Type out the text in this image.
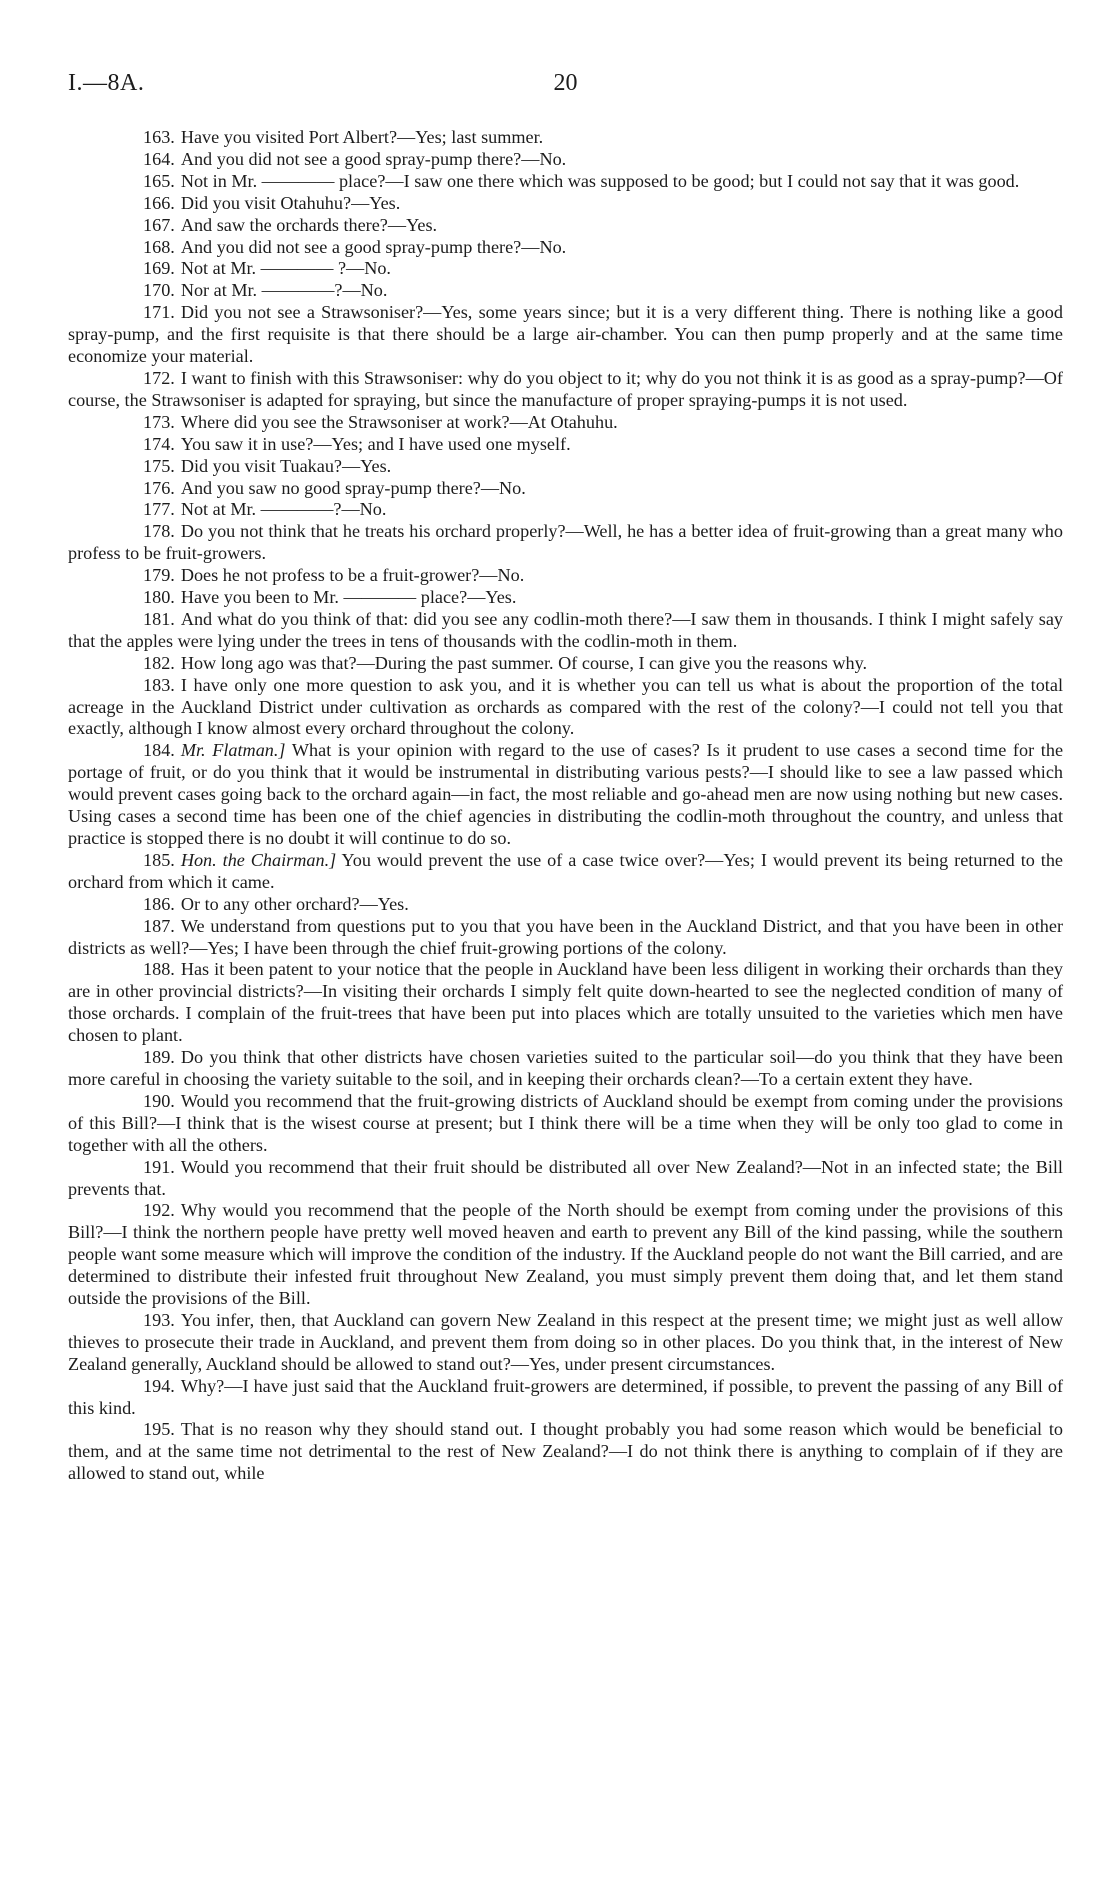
I.—8A.	20

163. Have you visited Port Albert?—Yes; last summer.

164. And you did not see a good spray-pump there?—No.

165. Not in Mr. ———— place?—I saw one there which was supposed to be good; but I could not say that it was good.

166. Did you visit Otahuhu?—Yes.

167. And saw the orchards there?—Yes.

168. And you did not see a good spray-pump there?—No.

169. Not at Mr. ———— ?—No.

170. Nor at Mr. ————?—No.

171. Did you not see a Strawsoniser?—Yes, some years since; but it is a very different thing. There is nothing like a good spray-pump, and the first requisite is that there should be a large air-chamber. You can then pump properly and at the same time economize your material.

172. I want to finish with this Strawsoniser: why do you object to it; why do you not think it is as good as a spray-pump?—Of course, the Strawsoniser is adapted for spraying, but since the manufacture of proper spraying-pumps it is not used.

173. Where did you see the Strawsoniser at work?—At Otahuhu.

174. You saw it in use?—Yes; and I have used one myself.

175. Did you visit Tuakau?—Yes.

176. And you saw no good spray-pump there?—No.

177. Not at Mr. ————?—No.

178. Do you not think that he treats his orchard properly?—Well, he has a better idea of fruit-growing than a great many who profess to be fruit-growers.

179. Does he not profess to be a fruit-grower?—No.

180. Have you been to Mr. ———— place?—Yes.

181. And what do you think of that: did you see any codlin-moth there?—I saw them in thousands. I think I might safely say that the apples were lying under the trees in tens of thousands with the codlin-moth in them.

182. How long ago was that?—During the past summer. Of course, I can give you the reasons why.

183. I have only one more question to ask you, and it is whether you can tell us what is about the proportion of the total acreage in the Auckland District under cultivation as orchards as compared with the rest of the colony?—I could not tell you that exactly, although I know almost every orchard throughout the colony.

184. Mr. Flatman.] What is your opinion with regard to the use of cases? Is it prudent to use cases a second time for the portage of fruit, or do you think that it would be instrumental in distributing various pests?—I should like to see a law passed which would prevent cases going back to the orchard again—in fact, the most reliable and go-ahead men are now using nothing but new cases. Using cases a second time has been one of the chief agencies in distributing the codlin-moth throughout the country, and unless that practice is stopped there is no doubt it will continue to do so.

185. Hon. the Chairman.] You would prevent the use of a case twice over?—Yes; I would prevent its being returned to the orchard from which it came.

186. Or to any other orchard?—Yes.

187. We understand from questions put to you that you have been in the Auckland District, and that you have been in other districts as well?—Yes; I have been through the chief fruit-growing portions of the colony.

188. Has it been patent to your notice that the people in Auckland have been less diligent in working their orchards than they are in other provincial districts?—In visiting their orchards I simply felt quite down-hearted to see the neglected condition of many of those orchards. I complain of the fruit-trees that have been put into places which are totally unsuited to the varieties which men have chosen to plant.

189. Do you think that other districts have chosen varieties suited to the particular soil—do you think that they have been more careful in choosing the variety suitable to the soil, and in keeping their orchards clean?—To a certain extent they have.

190. Would you recommend that the fruit-growing districts of Auckland should be exempt from coming under the provisions of this Bill?—I think that is the wisest course at present; but I think there will be a time when they will be only too glad to come in together with all the others.

191. Would you recommend that their fruit should be distributed all over New Zealand?—Not in an infected state; the Bill prevents that.

192. Why would you recommend that the people of the North should be exempt from coming under the provisions of this Bill?—I think the northern people have pretty well moved heaven and earth to prevent any Bill of the kind passing, while the southern people want some measure which will improve the condition of the industry. If the Auckland people do not want the Bill carried, and are determined to distribute their infested fruit throughout New Zealand, you must simply prevent them doing that, and let them stand outside the provisions of the Bill.

193. You infer, then, that Auckland can govern New Zealand in this respect at the present time; we might just as well allow thieves to prosecute their trade in Auckland, and prevent them from doing so in other places. Do you think that, in the interest of New Zealand generally, Auckland should be allowed to stand out?—Yes, under present circumstances.

194. Why?—I have just said that the Auckland fruit-growers are determined, if possible, to prevent the passing of any Bill of this kind.

195. That is no reason why they should stand out. I thought probably you had some reason which would be beneficial to them, and at the same time not detrimental to the rest of New Zealand?—I do not think there is anything to complain of if they are allowed to stand out, while
